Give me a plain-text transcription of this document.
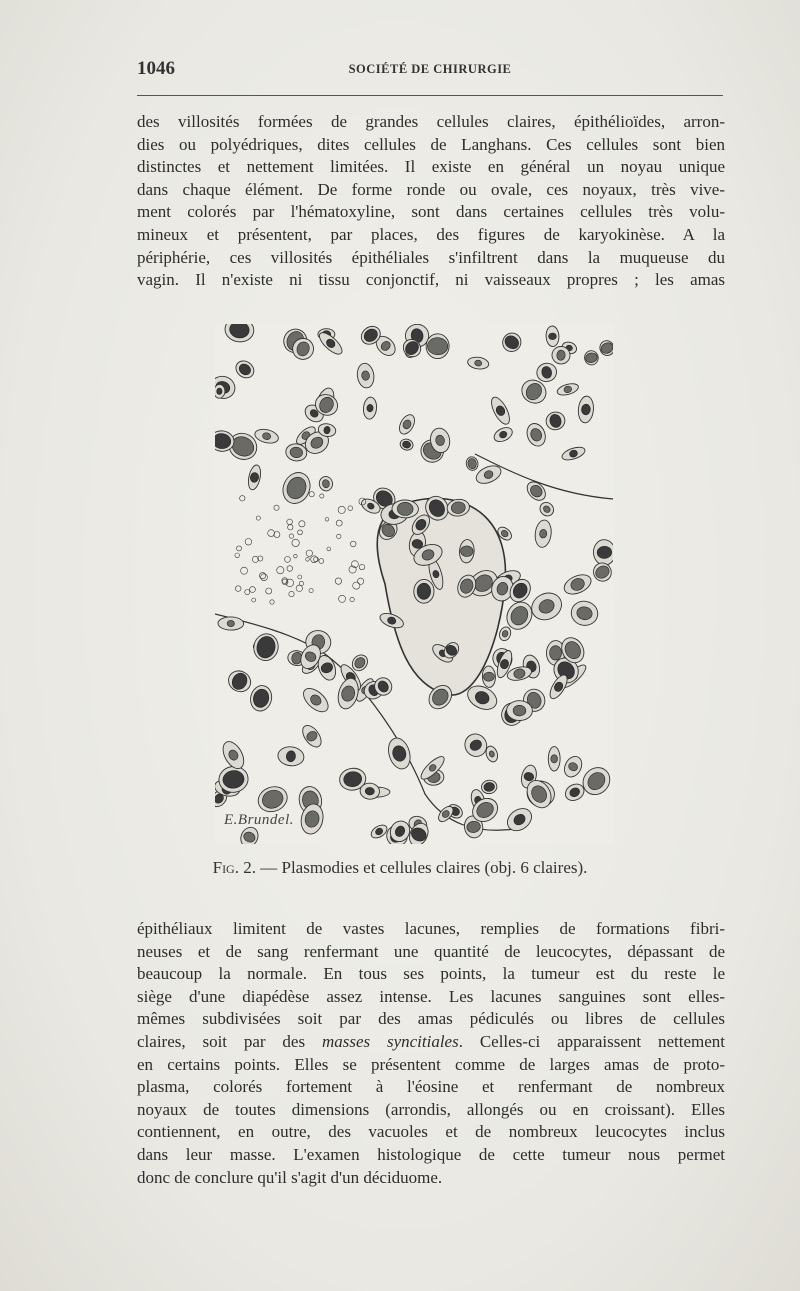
1046	SOCIÉTÉ DE CHIRURGIE
des villosités formées de grandes cellules claires, épithélioïdes, arron-
dies ou polyédriques, dites cellules de Langhans. Ces cellules sont bien
distinctes et nettement limitées. Il existe en général un noyau unique
dans chaque élément. De forme ronde ou ovale, ces noyaux, très vive-
ment colorés par l'hématoxyline, sont dans certaines cellules très volu-
mineux et présentent, par places, des figures de karyokinèse. A la
périphérie, ces villosités épithéliales s'infiltrent dans la muqueuse du
vagin. Il n'existe ni tissu conjonctif, ni vaisseaux propres ; les amas
E.Brundel.
Fig. 2. — Plasmodies et cellules claires (obj. 6 claires).
épithéliaux limitent de vastes lacunes, remplies de formations fibri-
neuses et de sang renfermant une quantité de leucocytes, dépassant de
beaucoup la normale. En tous ses points, la tumeur est du reste le
siège d'une diapédèse assez intense. Les lacunes sanguines sont elles-
mêmes subdivisées soit par des amas pédiculés ou libres de cellules
claires, soit par des masses syncitiales. Celles-ci apparaissent nettement
en certains points. Elles se présentent comme de larges amas de proto-
plasma, colorés fortement à l'éosine et renfermant de nombreux
noyaux de toutes dimensions (arrondis, allongés ou en croissant). Elles
contiennent, en outre, des vacuoles et de nombreux leucocytes inclus
dans leur masse. L'examen histologique de cette tumeur nous permet
donc de conclure qu'il s'agit d'un déciduome.
